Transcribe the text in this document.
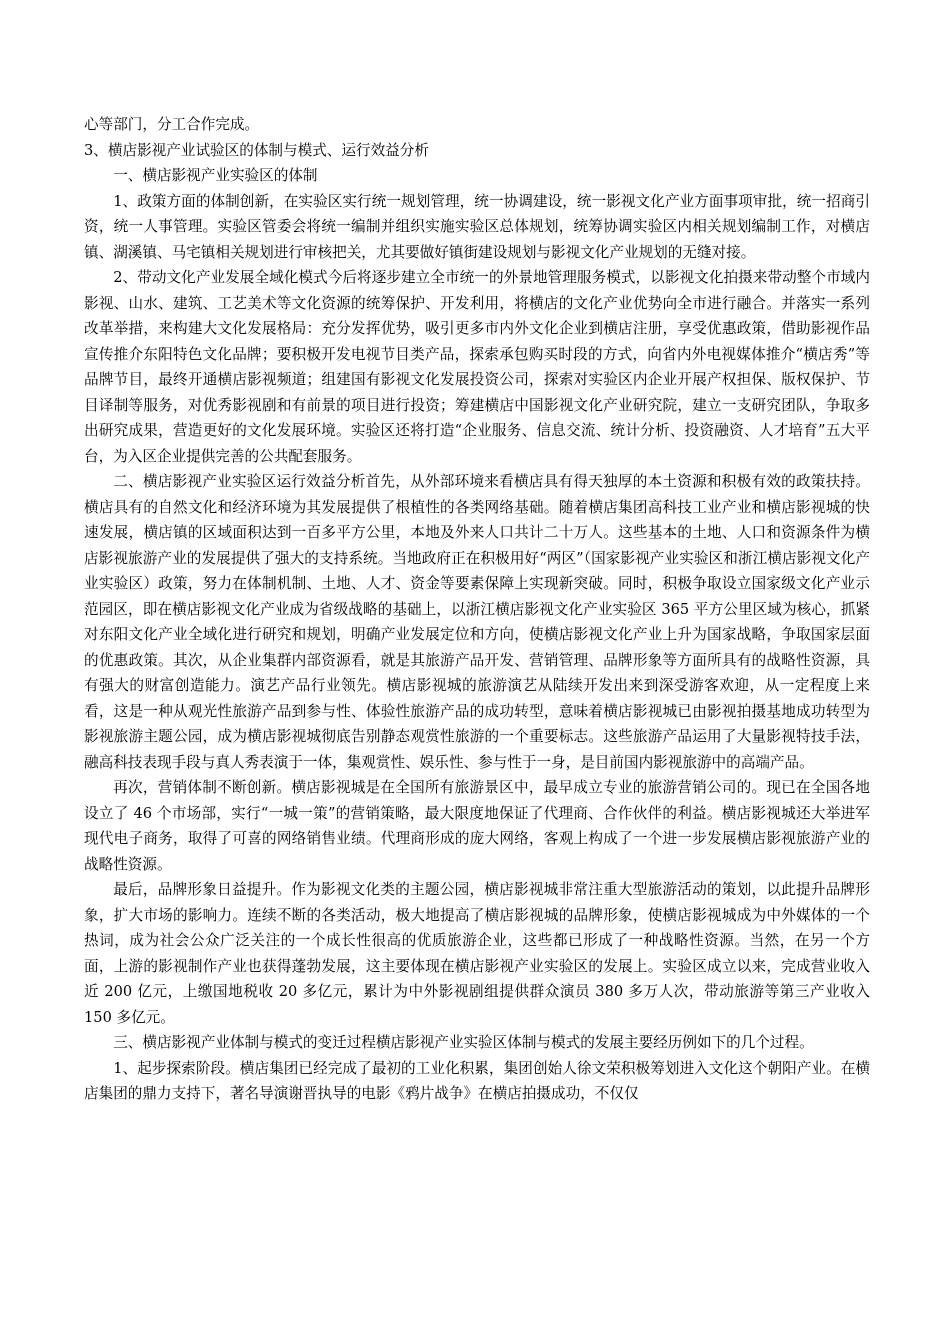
心等部门，分工合作完成。

3、横店影视产业试验区的体制与模式、运行效益分析

一、横店影视产业实验区的体制

1、政策方面的体制创新，在实验区实行统一规划管理，统一协调建设，统一影视文化产业方面事项审批，统一招商引资，统一人事管理。实验区管委会将统一编制并组织实施实验区总体规划，统筹协调实验区内相关规划编制工作，对横店镇、湖溪镇、马宅镇相关规划进行审核把关，尤其要做好镇街建设规划与影视文化产业规划的无缝对接。

2、带动文化产业发展全域化模式今后将逐步建立全市统一的外景地管理服务模式，以影视文化拍摄来带动整个市域内影视、山水、建筑、工艺美术等文化资源的统筹保护、开发利用，将横店的文化产业优势向全市进行融合。并落实一系列改革举措，来构建大文化发展格局：充分发挥优势，吸引更多市内外文化企业到横店注册，享受优惠政策，借助影视作品宣传推介东阳特色文化品牌；要积极开发电视节目类产品，探索承包购买时段的方式，向省内外电视媒体推介“横店秀”等品牌节目，最终开通横店影视频道；组建国有影视文化发展投资公司，探索对实验区内企业开展产权担保、版权保护、节目译制等服务，对优秀影视剧和有前景的项目进行投资；筹建横店中国影视文化产业研究院，建立一支研究团队，争取多出研究成果，营造更好的文化发展环境。实验区还将打造“企业服务、信息交流、统计分析、投资融资、人才培育”五大平台，为入区企业提供完善的公共配套服务。

二、横店影视产业实验区运行效益分析首先，从外部环境来看横店具有得天独厚的本土资源和积极有效的政策扶持。横店具有的自然文化和经济环境为其发展提供了根植性的各类网络基础。随着横店集团高科技工业产业和横店影视城的快速发展，横店镇的区域面积达到一百多平方公里，本地及外来人口共计二十万人。这些基本的土地、人口和资源条件为横店影视旅游产业的发展提供了强大的支持系统。当地政府正在积极用好“两区”（国家影视产业实验区和浙江横店影视文化产业实验区）政策，努力在体制机制、土地、人才、资金等要素保障上实现新突破。同时，积极争取设立国家级文化产业示范园区，即在横店影视文化产业成为省级战略的基础上，以浙江横店影视文化产业实验区 365 平方公里区域为核心，抓紧对东阳文化产业全域化进行研究和规划，明确产业发展定位和方向，使横店影视文化产业上升为国家战略，争取国家层面的优惠政策。其次，从企业集群内部资源看，就是其旅游产品开发、营销管理、品牌形象等方面所具有的战略性资源，具有强大的财富创造能力。演艺产品行业领先。横店影视城的旅游演艺从陆续开发出来到深受游客欢迎，从一定程度上来看，这是一种从观光性旅游产品到参与性、体验性旅游产品的成功转型，意味着横店影视城已由影视拍摄基地成功转型为影视旅游主题公园，成为横店影视城彻底告别静态观赏性旅游的一个重要标志。这些旅游产品运用了大量影视特技手法，融高科技表现手段与真人秀表演于一体，集观赏性、娱乐性、参与性于一身，是目前国内影视旅游中的高端产品。

再次，营销体制不断创新。横店影视城是在全国所有旅游景区中，最早成立专业的旅游营销公司的。现已在全国各地设立了 46 个市场部，实行“一城一策”的营销策略，最大限度地保证了代理商、合作伙伴的利益。横店影视城还大举进军现代电子商务，取得了可喜的网络销售业绩。代理商形成的庞大网络，客观上构成了一个进一步发展横店影视旅游产业的战略性资源。

最后，品牌形象日益提升。作为影视文化类的主题公园，横店影视城非常注重大型旅游活动的策划，以此提升品牌形象，扩大市场的影响力。连续不断的各类活动，极大地提高了横店影视城的品牌形象，使横店影视城成为中外媒体的一个热词，成为社会公众广泛关注的一个成长性很高的优质旅游企业，这些都已形成了一种战略性资源。当然，在另一个方面，上游的影视制作产业也获得蓬勃发展，这主要体现在横店影视产业实验区的发展上。实验区成立以来，完成营业收入近 200 亿元，上缴国地税收 20 多亿元，累计为中外影视剧组提供群众演员 380 多万人次，带动旅游等第三产业收入 150 多亿元。

三、横店影视产业体制与模式的变迁过程横店影视产业实验区体制与模式的发展主要经历例如下的几个过程。

1、起步探索阶段。横店集团已经完成了最初的工业化积累，集团创始人徐文荣积极筹划进入文化这个朝阳产业。在横店集团的鼎力支持下，著名导演谢晋执导的电影《鸦片战争》在横店拍摄成功，不仅仅
